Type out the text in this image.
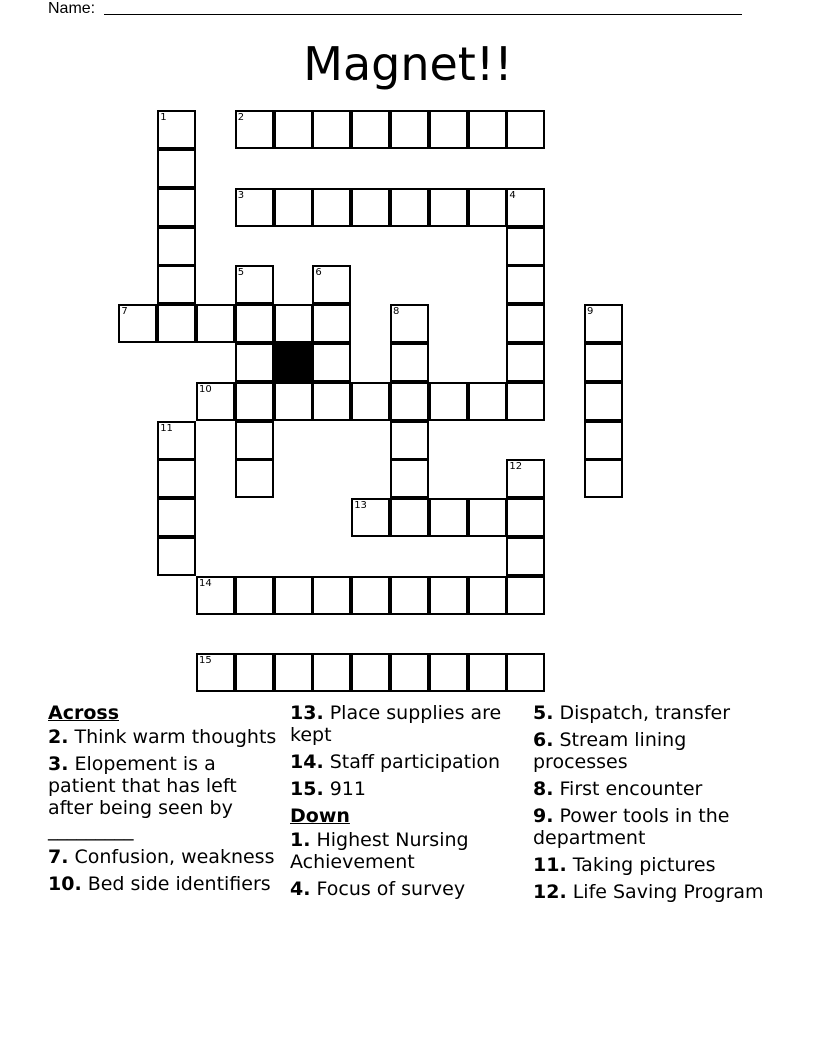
Name:
Magnet!!
1	2
3	4
5	6
7	8	9
10
11
12
13
14
15
Across
2. Think warm thoughts
3. Elopement is a patient that has left after being seen by _________
7. Confusion, weakness
10. Bed side identifiers
13. Place supplies are kept
14. Staff participation
15. 911
Down
1. Highest Nursing Achievement
4. Focus of survey
5. Dispatch, transfer
6. Stream lining processes
8. First encounter
9. Power tools in the department
11. Taking pictures
12. Life Saving Program
